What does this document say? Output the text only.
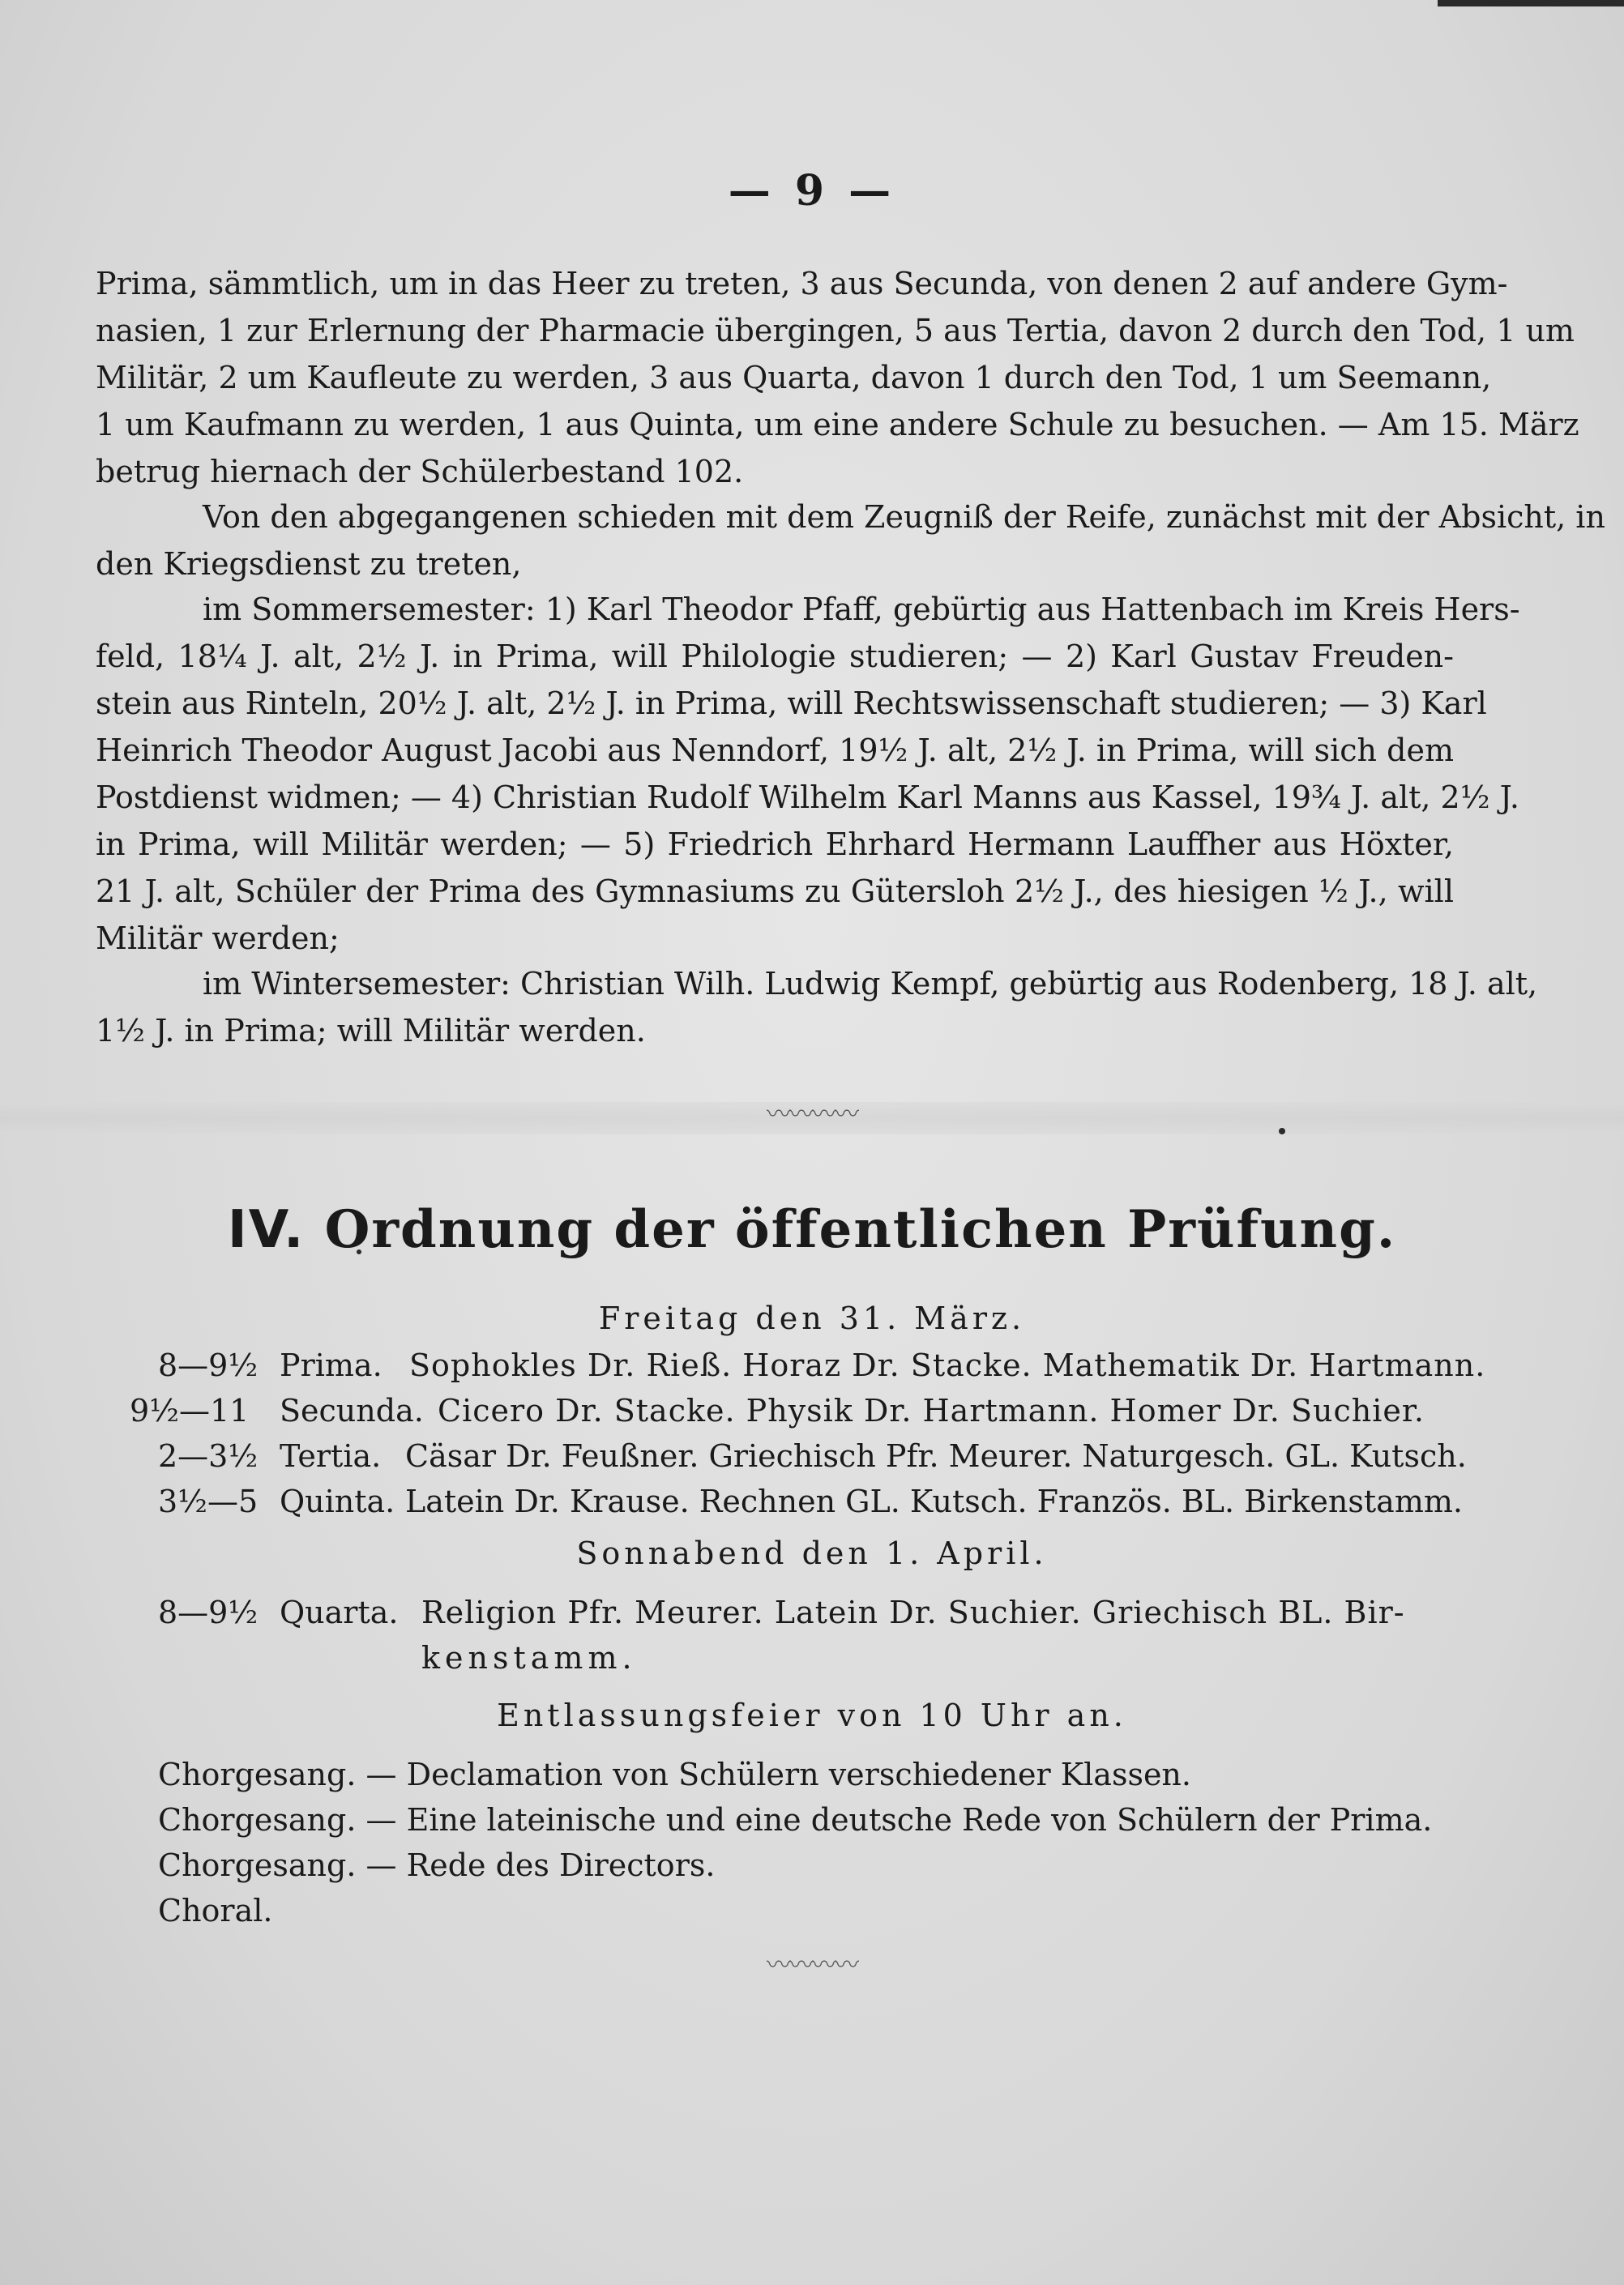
— 9 —
Prima, sämmtlich, um in das Heer zu treten, 3 aus Secunda, von denen 2 auf andere Gym-
nasien, 1 zur Erlernung der Pharmacie übergingen, 5 aus Tertia, davon 2 durch den Tod, 1 um
Militär, 2 um Kaufleute zu werden, 3 aus Quarta, davon 1 durch den Tod, 1 um Seemann,
1 um Kaufmann zu werden, 1 aus Quinta, um eine andere Schule zu besuchen. — Am 15. März
betrug hiernach der Schülerbestand 102.
Von den abgegangenen schieden mit dem Zeugniß der Reife, zunächst mit der Absicht, in
den Kriegsdienst zu treten,
im Sommersemester: 1) Karl Theodor Pfaff, gebürtig aus Hattenbach im Kreis Hers-
feld, 18¼ J. alt, 2½ J. in Prima, will Philologie studieren; — 2) Karl Gustav Freuden-
stein aus Rinteln, 20½ J. alt, 2½ J. in Prima, will Rechtswissenschaft studieren; — 3) Karl
Heinrich Theodor August Jacobi aus Nenndorf, 19½ J. alt, 2½ J. in Prima, will sich dem
Postdienst widmen; — 4) Christian Rudolf Wilhelm Karl Manns aus Kassel, 19¾ J. alt, 2½ J.
in Prima, will Militär werden; — 5) Friedrich Ehrhard Hermann Lauffher aus Höxter,
21 J. alt, Schüler der Prima des Gymnasiums zu Gütersloh 2½ J., des hiesigen ½ J., will
Militär werden;
im Wintersemester: Christian Wilh. Ludwig Kempf, gebürtig aus Rodenberg, 18 J. alt,
1½ J. in Prima; will Militär werden.
〰〰〰〰
IV. Ordnung der öffentlichen Prüfung.
Freitag den 31. März.
8—9½ Prima. Sophokles Dr. Rieß. Horaz Dr. Stacke. Mathematik Dr. Hartmann.
9½—11 Secunda. Cicero Dr. Stacke. Physik Dr. Hartmann. Homer Dr. Suchier.
2—3½ Tertia. Cäsar Dr. Feußner. Griechisch Pfr. Meurer. Naturgesch. GL. Kutsch.
3½—5 Quinta. Latein Dr. Krause. Rechnen GL. Kutsch. Französ. BL. Birkenstamm.
Sonnabend den 1. April.
8—9½ Quarta. Religion Pfr. Meurer. Latein Dr. Suchier. Griechisch BL. Bir-
kenstamm.
Entlassungsfeier von 10 Uhr an.
Chorgesang. — Declamation von Schülern verschiedener Klassen.
Chorgesang. — Eine lateinische und eine deutsche Rede von Schülern der Prima.
Chorgesang. — Rede des Directors.
Choral.
〰〰〰〰
